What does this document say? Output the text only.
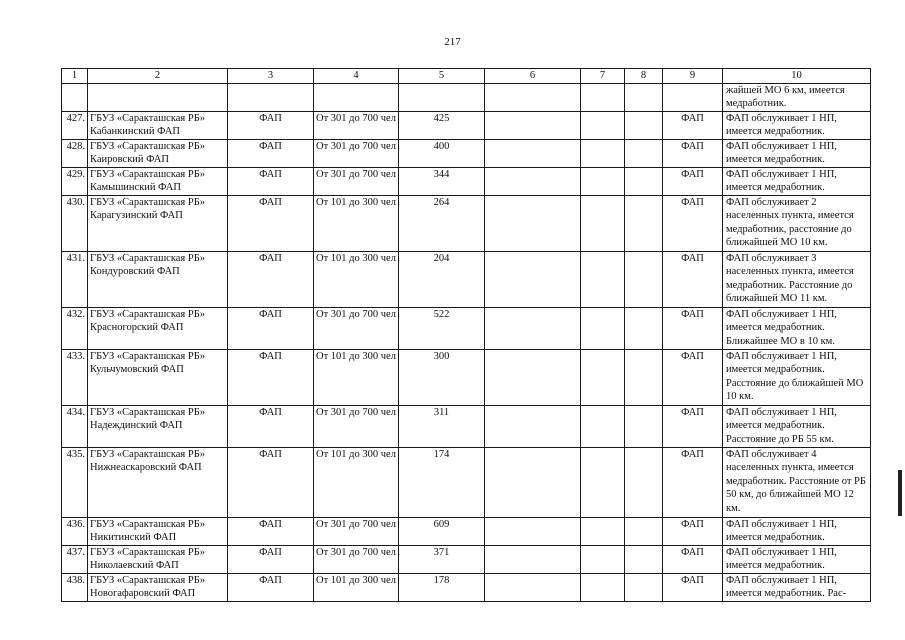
217
1	2	3	4	5	6	7	8	9	10
									жайшей МО 6 км, имеется медработник.
427.	ГБУЗ «Саракташская РБ» Кабанкинский ФАП	ФАП	От 301 до 700 чел	425				ФАП	ФАП обслуживает 1 НП, имеется медработник.
428.	ГБУЗ «Саракташская РБ» Каировский ФАП	ФАП	От 301 до 700 чел	400				ФАП	ФАП обслуживает 1 НП, имеется медработник.
429.	ГБУЗ «Саракташская РБ» Камышинский ФАП	ФАП	От 301 до 700 чел	344				ФАП	ФАП обслуживает 1 НП, имеется медработник.
430.	ГБУЗ «Саракташская РБ» Карагузинский ФАП	ФАП	От 101 до 300 чел	264				ФАП	ФАП обслуживает 2 населенных пункта, имеется медработник, расстояние до ближайшей МО 10 км.
431.	ГБУЗ «Саракташская РБ» Кондуровский ФАП	ФАП	От 101 до 300 чел	204				ФАП	ФАП обслуживает 3 населенных пункта, имеется медработник. Расстояние до ближайшей МО 11 км.
432.	ГБУЗ «Саракташская РБ» Красногорский ФАП	ФАП	От 301 до 700 чел	522				ФАП	ФАП обслуживает 1 НП, имеется медработник. Ближайшее МО в 10 км.
433.	ГБУЗ «Саракташская РБ» Кульчумовский ФАП	ФАП	От 101 до 300 чел	300				ФАП	ФАП обслуживает 1 НП, имеется медработник. Расстояние до ближайшей МО 10 км.
434.	ГБУЗ «Саракташская РБ» Надеждинский ФАП	ФАП	От 301 до 700 чел	311				ФАП	ФАП обслуживает 1 НП, имеется медработник. Расстояние до РБ 55 км.
435.	ГБУЗ «Саракташская РБ» Нижнеаскаровский ФАП	ФАП	От 101 до 300 чел	174				ФАП	ФАП обслуживает 4 населенных пункта, имеется медработник. Расстояние от РБ 50 км, до ближайшей МО 12 км.
436.	ГБУЗ «Саракташская РБ» Никитинский ФАП	ФАП	От 301 до 700 чел	609				ФАП	ФАП обслуживает 1 НП, имеется медработник.
437.	ГБУЗ «Саракташская РБ» Николаевский ФАП	ФАП	От 301 до 700 чел	371				ФАП	ФАП обслуживает 1 НП, имеется медработник.
438.	ГБУЗ «Саракташская РБ» Новогафаровский ФАП	ФАП	От 101 до 300 чел	178				ФАП	ФАП обслуживает 1 НП, имеется медработник. Рас-
